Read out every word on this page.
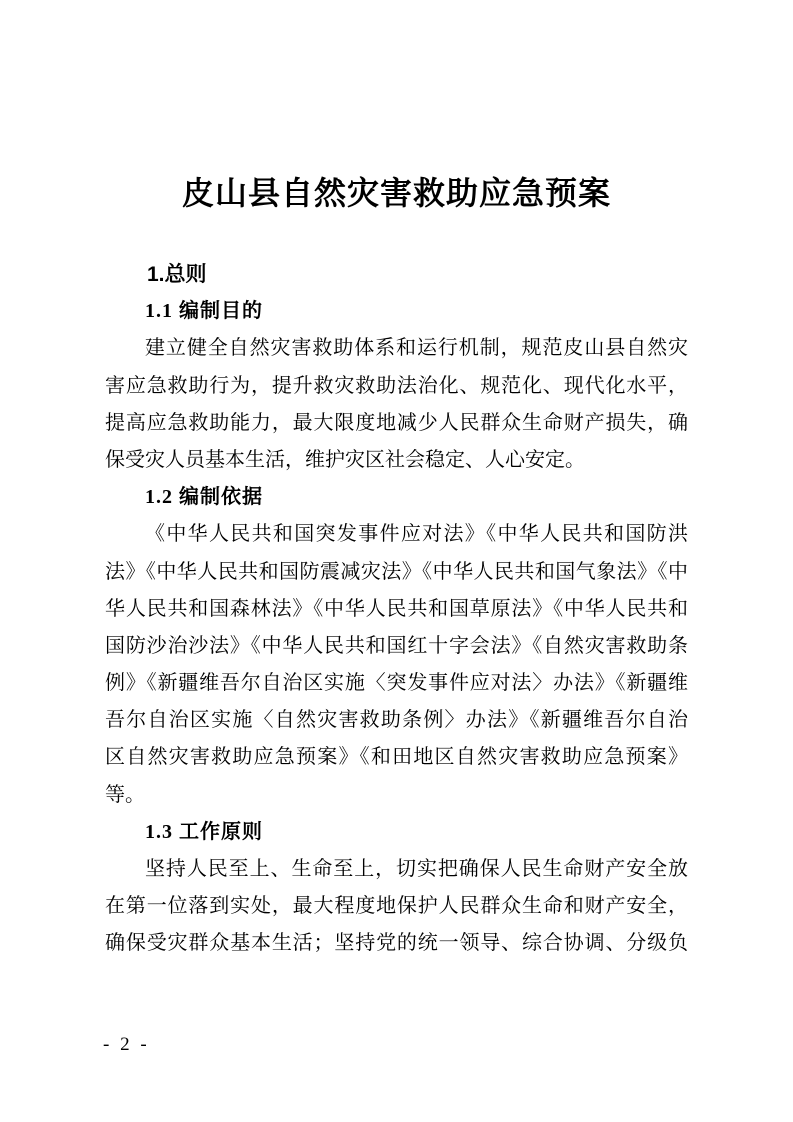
皮山县自然灾害救助应急预案
1.总则
1.1 编制目的
建立健全自然灾害救助体系和运行机制，规范皮山县自然灾
害应急救助行为，提升救灾救助法治化、规范化、现代化水平，
提高应急救助能力，最大限度地减少人民群众生命财产损失，确
保受灾人员基本生活，维护灾区社会稳定、人心安定。
1.2 编制依据
《中华人民共和国突发事件应对法》《中华人民共和国防洪
法》《中华人民共和国防震减灾法》《中华人民共和国气象法》《中
华人民共和国森林法》《中华人民共和国草原法》《中华人民共和
国防沙治沙法》《中华人民共和国红十字会法》《自然灾害救助条
例》《新疆维吾尔自治区实施〈突发事件应对法〉办法》《新疆维
吾尔自治区实施〈自然灾害救助条例〉办法》《新疆维吾尔自治
区自然灾害救助应急预案》《和田地区自然灾害救助应急预案》
等。
1.3 工作原则
坚持人民至上、生命至上，切实把确保人民生命财产安全放
在第一位落到实处，最大程度地保护人民群众生命和财产安全，
确保受灾群众基本生活；坚持党的统一领导、综合协调、分级负
- 2 -
